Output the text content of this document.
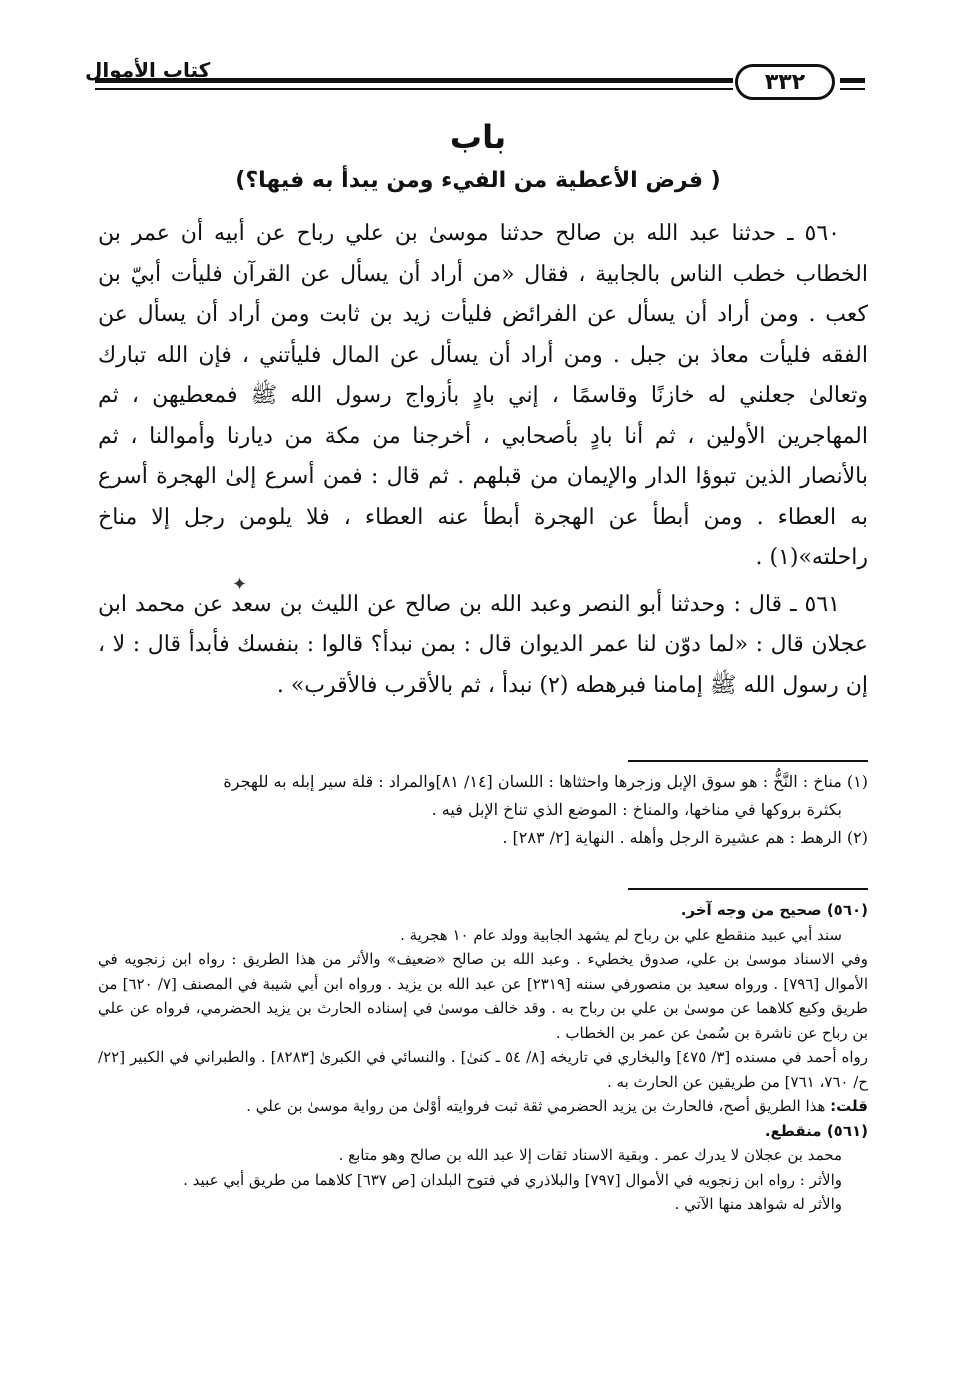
٣٣٢
كتاب الأموال
باب
( فرض الأعطية من الفيء ومن يبدأ به فيها؟)

٥٦٠ ـ حدثنا عبد الله بن صالح حدثنا موسىٰ بن علي رباح عن أبيه أن عمر بن الخطاب خطب الناس بالجابية ، فقال «من أراد أن يسأل عن القرآن فليأت أبيّ بن كعب . ومن أراد أن يسأل عن الفرائض فليأت زيد بن ثابت ومن أراد أن يسأل عن الفقه فليأت معاذ بن جبل . ومن أراد أن يسأل عن المال فليأتني ، فإن الله تبارك وتعالىٰ جعلني له خازنًا وقاسمًا ، إني بادٍ بأزواج رسول الله ﷺ فمعطيهن ، ثم المهاجرين الأولين ، ثم أنا بادٍ بأصحابي ، أخرجنا من مكة من ديارنا وأموالنا ، ثم بالأنصار الذين تبوؤا الدار والإيمان من قبلهم . ثم قال : فمن أسرع إلىٰ الهجرة أسرع به العطاء . ومن أبطأ عن الهجرة أبطأ عنه العطاء ، فلا يلومن رجل إلا مناخ راحلته»(١) .

٥٦١ ـ قال : وحدثنا أبو النصر وعبد الله بن صالح عن الليث بن سعد عن محمد ابن عجلان قال : «لما دوّن لنا عمر الديوان قال : بمن نبدأ؟ قالوا : بنفسك فأبدأ قال : لا ، إن رسول الله ﷺ إمامنا فبرهطه (٢) نبدأ ، ثم بالأقرب فالأقرب» .

✦

(١) مناخ : النَّخُّ : هو سوق الإبل وزجرها واحثثاها : اللسان [١٤/ ٨١]والمراد : قلة سير إبله به للهجرة

بكثرة بروكها في مناخها، والمناخ : الموضع الذي تناخ الإبل فيه .

(٢) الرهط : هم عشيرة الرجل وأهله . النهاية [٢/ ٢٨٣] .

(٥٦٠) صحيح من وجه آخر.

سند أبي عبيد منقطع علي بن رباح لم يشهد الجابية وولد عام ١٠ هجرية .

وفي الاسناد موسىٰ بن علي، صدوق يخطيء . وعبد الله بن صالح «ضعيف» والأثر من هذا الطريق : رواه ابن زنجويه في الأموال [٧٩٦] . ورواه سعيد بن منصورفي سننه [٢٣١٩] عن عبد الله بن يزيد . ورواه ابن أبي شيبة في المصنف [٧/ ٦٢٠] من طريق وكيع كلاهما عن موسىٰ بن علي بن رباح به . وقد خالف موسىٰ في إسناده الحارث بن يزيد الحضرمي، فرواه عن علي بن رباح عن ناشرة بن سُمىٰ عن عمر بن الخطاب .

رواه أحمد في مسنده [٣/ ٤٧٥] والبخاري في تاريخه [٨/ ٥٤ ـ كنىٰ] . والنسائي في الكبرىٰ [٨٢٨٣] . والطبراني في الكبير [٢٢/ ح/ ٧٦٠، ٧٦١] من طريقين عن الحارث به .

قلت: هذا الطريق أصح، فالحارث بن يزيد الحضرمي ثقة ثبت فروايته أوْلىٰ من رواية موسىٰ بن علي .

(٥٦١) منقطع.

محمد بن عجلان لا يدرك عمر . وبقية الاسناد ثقات إلا عبد الله بن صالح وهو متابع .

والأثر : رواه ابن زنجويه في الأموال [٧٩٧] والبلاذري في فتوح البلدان [ص ٦٣٧] كلاهما من طريق أبي عبيد .

والأثر له شواهد منها الآتي .
